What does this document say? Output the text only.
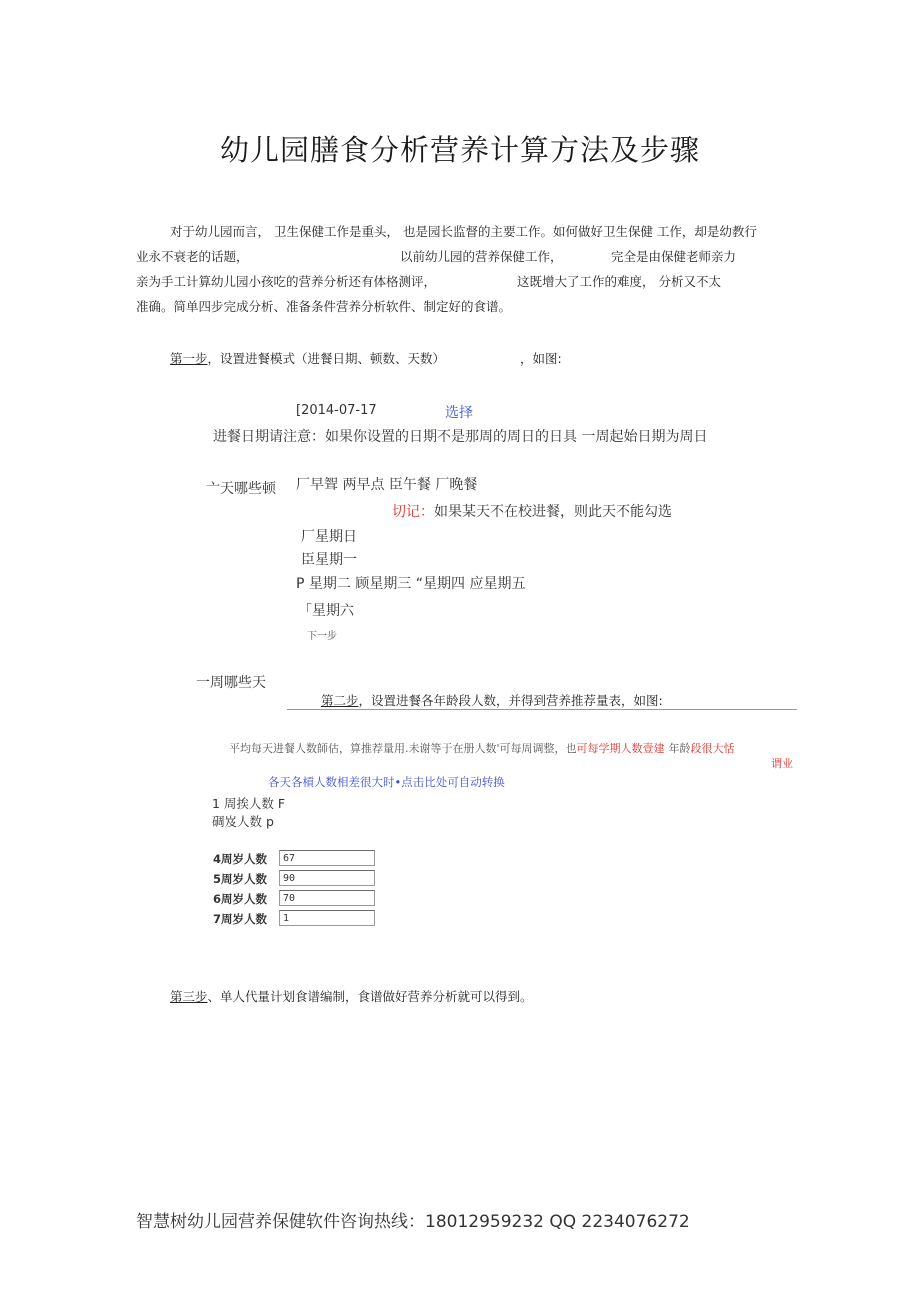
幼儿园膳食分析营养计算方法及步骤
对于幼儿园而言， 卫生保健工作是重头， 也是园长监督的主要工作。如何做好卫生保健 工作，却是幼教行
业永不衰老的话题，	以前幼儿园的营养保健工作，	完全是由保健老师亲力
亲为手工计算幼儿园小孩吃的营养分析还有体格测评，	这既增大了工作的难度， 分析又不太
准确。简单四步完成分析、准备条件营养分析软件、制定好的食谱。
第一步，设置进餐模式（进餐日期、顿数、天数）	，如图:
[2014-07-17	选择
进餐日期请注意：如果你设置的日期不是那周的周日的日具 一周起始日期为周日
亠天哪些顿 厂早聟 两早点 臣午餐 厂晚餐
切记：如果某天不在校进餐，则此天不能勾选
厂星期日
臣星期一
P 星期二 顾星期三 “星期四 应星期五
「星期六
下一步
一周哪些天
第二步，设置进餐各年龄段人数，并得到营养推荐量表，如图:
平均每天进餐人数師估，算推荐量用.未谢等于在册人数'可每周调整，也可每学期人数壹建 年龄段很大恬
谓业
各天各槓人数相差很大时•点击比处可自动转换
1 周挨人数 F
碉岌人数 p
4周岁人数	67
5周岁人数	90
6周岁人数	70
7周岁人数	1
第三步、单人代量计划食谱编制，食谱做好营养分析就可以得到。
智慧树幼儿园营养保健软件咨询热线：18012959232 QQ 2234076272
